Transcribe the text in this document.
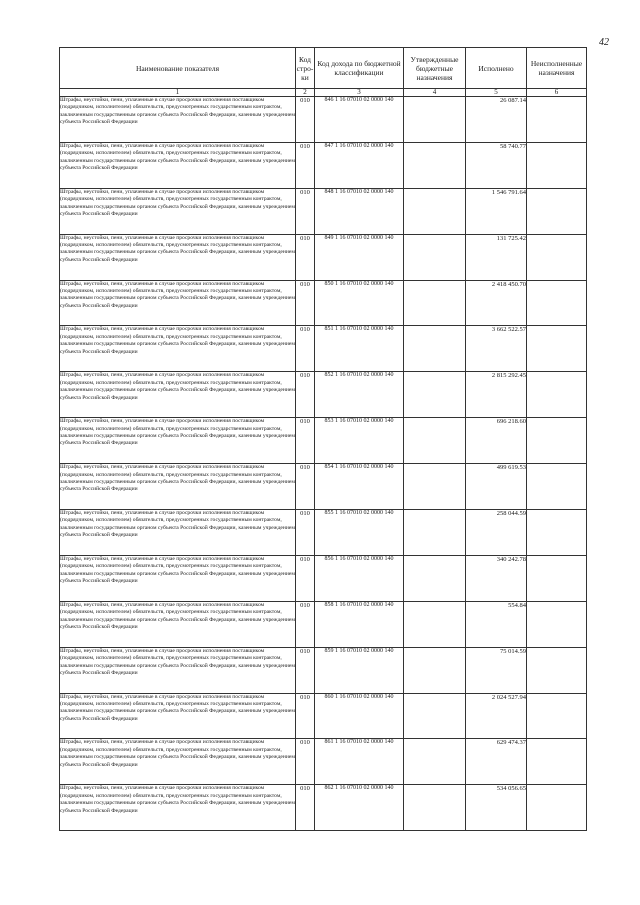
42
Наименование показателя	Код стро-ки	Код дохода по бюджетной классификации	Утвержденные бюджетные назначения	Исполнено	Неисполненные назначения
1	2	3	4	5	6
Штрафы, неустойки, пени, уплаченные в случае просрочки исполнения поставщиком (подрядчиком, исполнителем) обязательств, предусмотренных государственным контрактом, заключенным государственным органом субъекта Российской Федерации, казенным учреждением субъекта Российской Федерации	010	846 1 16 07010 02 0000 140		26 087.14	
Штрафы, неустойки, пени, уплаченные в случае просрочки исполнения поставщиком (подрядчиком, исполнителем) обязательств, предусмотренных государственным контрактом, заключенным государственным органом субъекта Российской Федерации, казенным учреждением субъекта Российской Федерации	010	847 1 16 07010 02 0000 140		58 740.77	
Штрафы, неустойки, пени, уплаченные в случае просрочки исполнения поставщиком (подрядчиком, исполнителем) обязательств, предусмотренных государственным контрактом, заключенным государственным органом субъекта Российской Федерации, казенным учреждением субъекта Российской Федерации	010	848 1 16 07010 02 0000 140		1 546 791.64	
Штрафы, неустойки, пени, уплаченные в случае просрочки исполнения поставщиком (подрядчиком, исполнителем) обязательств, предусмотренных государственным контрактом, заключенным государственным органом субъекта Российской Федерации, казенным учреждением субъекта Российской Федерации	010	849 1 16 07010 02 0000 140		131 725.42	
Штрафы, неустойки, пени, уплаченные в случае просрочки исполнения поставщиком (подрядчиком, исполнителем) обязательств, предусмотренных государственным контрактом, заключенным государственным органом субъекта Российской Федерации, казенным учреждением субъекта Российской Федерации	010	850 1 16 07010 02 0000 140		2 418 450.70	
Штрафы, неустойки, пени, уплаченные в случае просрочки исполнения поставщиком (подрядчиком, исполнителем) обязательств, предусмотренных государственным контрактом, заключенным государственным органом субъекта Российской Федерации, казенным учреждением субъекта Российской Федерации	010	851 1 16 07010 02 0000 140		3 662 522.57	
Штрафы, неустойки, пени, уплаченные в случае просрочки исполнения поставщиком (подрядчиком, исполнителем) обязательств, предусмотренных государственным контрактом, заключенным государственным органом субъекта Российской Федерации, казенным учреждением субъекта Российской Федерации	010	852 1 16 07010 02 0000 140		2 815 292.45	
Штрафы, неустойки, пени, уплаченные в случае просрочки исполнения поставщиком (подрядчиком, исполнителем) обязательств, предусмотренных государственным контрактом, заключенным государственным органом субъекта Российской Федерации, казенным учреждением субъекта Российской Федерации	010	853 1 16 07010 02 0000 140		696 218.60	
Штрафы, неустойки, пени, уплаченные в случае просрочки исполнения поставщиком (подрядчиком, исполнителем) обязательств, предусмотренных государственным контрактом, заключенным государственным органом субъекта Российской Федерации, казенным учреждением субъекта Российской Федерации	010	854 1 16 07010 02 0000 140		499 619.53	
Штрафы, неустойки, пени, уплаченные в случае просрочки исполнения поставщиком (подрядчиком, исполнителем) обязательств, предусмотренных государственным контрактом, заключенным государственным органом субъекта Российской Федерации, казенным учреждением субъекта Российской Федерации	010	855 1 16 07010 02 0000 140		258 044.59	
Штрафы, неустойки, пени, уплаченные в случае просрочки исполнения поставщиком (подрядчиком, исполнителем) обязательств, предусмотренных государственным контрактом, заключенным государственным органом субъекта Российской Федерации, казенным учреждением субъекта Российской Федерации	010	856 1 16 07010 02 0000 140		340 242.78	
Штрафы, неустойки, пени, уплаченные в случае просрочки исполнения поставщиком (подрядчиком, исполнителем) обязательств, предусмотренных государственным контрактом, заключенным государственным органом субъекта Российской Федерации, казенным учреждением субъекта Российской Федерации	010	858 1 16 07010 02 0000 140		554.84	
Штрафы, неустойки, пени, уплаченные в случае просрочки исполнения поставщиком (подрядчиком, исполнителем) обязательств, предусмотренных государственным контрактом, заключенным государственным органом субъекта Российской Федерации, казенным учреждением субъекта Российской Федерации	010	859 1 16 07010 02 0000 140		75 014.59	
Штрафы, неустойки, пени, уплаченные в случае просрочки исполнения поставщиком (подрядчиком, исполнителем) обязательств, предусмотренных государственным контрактом, заключенным государственным органом субъекта Российской Федерации, казенным учреждением субъекта Российской Федерации	010	860 1 16 07010 02 0000 140		2 024 527.94	
Штрафы, неустойки, пени, уплаченные в случае просрочки исполнения поставщиком (подрядчиком, исполнителем) обязательств, предусмотренных государственным контрактом, заключенным государственным органом субъекта Российской Федерации, казенным учреждением субъекта Российской Федерации	010	861 1 16 07010 02 0000 140		629 474.37	
Штрафы, неустойки, пени, уплаченные в случае просрочки исполнения поставщиком (подрядчиком, исполнителем) обязательств, предусмотренных государственным контрактом, заключенным государственным органом субъекта Российской Федерации, казенным учреждением субъекта Российской Федерации	010	862 1 16 07010 02 0000 140		534 056.65	
